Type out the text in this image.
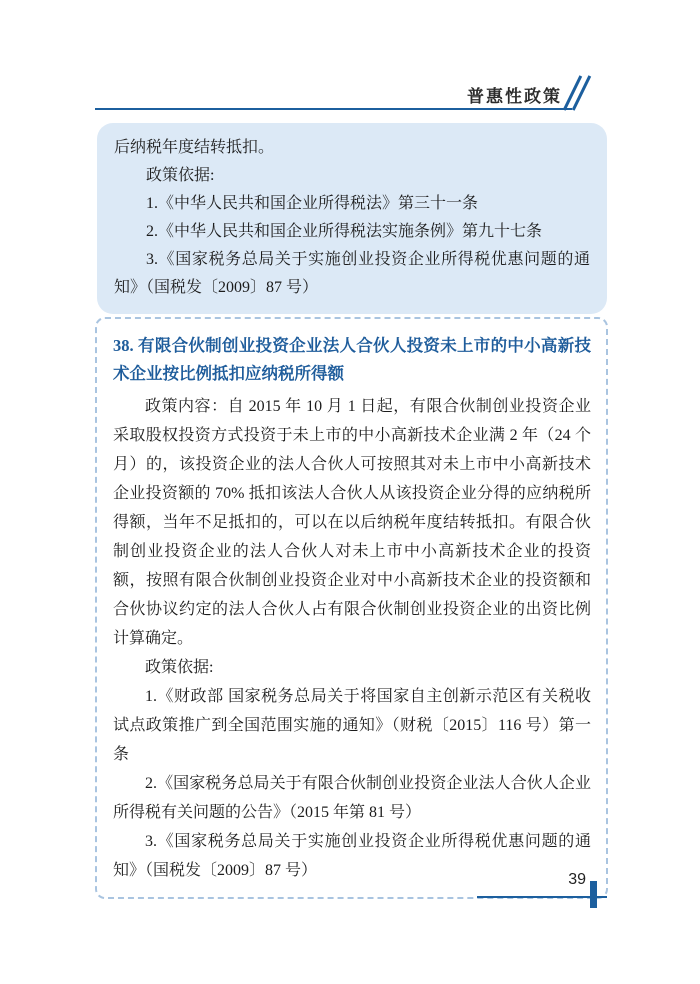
普惠性政策

后纳税年度结转抵扣。

政策依据:

1.《中华人民共和国企业所得税法》第三十一条

2.《中华人民共和国企业所得税法实施条例》第九十七条

3.《国家税务总局关于实施创业投资企业所得税优惠问题的通知》（国税发〔2009〕87 号）

38. 有限合伙制创业投资企业法人合伙人投资未上市的中小高新技术企业按比例抵扣应纳税所得额

政策内容：自 2015 年 10 月 1 日起，有限合伙制创业投资企业采取股权投资方式投资于未上市的中小高新技术企业满 2 年（24 个月）的，该投资企业的法人合伙人可按照其对未上市中小高新技术企业投资额的 70% 抵扣该法人合伙人从该投资企业分得的应纳税所得额，当年不足抵扣的，可以在以后纳税年度结转抵扣。有限合伙制创业投资企业的法人合伙人对未上市中小高新技术企业的投资额，按照有限合伙制创业投资企业对中小高新技术企业的投资额和合伙协议约定的法人合伙人占有限合伙制创业投资企业的出资比例计算确定。

政策依据:

1.《财政部 国家税务总局关于将国家自主创新示范区有关税收试点政策推广到全国范围实施的通知》（财税〔2015〕116 号）第一条

2.《国家税务总局关于有限合伙制创业投资企业法人合伙人企业所得税有关问题的公告》（2015 年第 81 号）

3.《国家税务总局关于实施创业投资企业所得税优惠问题的通知》（国税发〔2009〕87 号）

39
